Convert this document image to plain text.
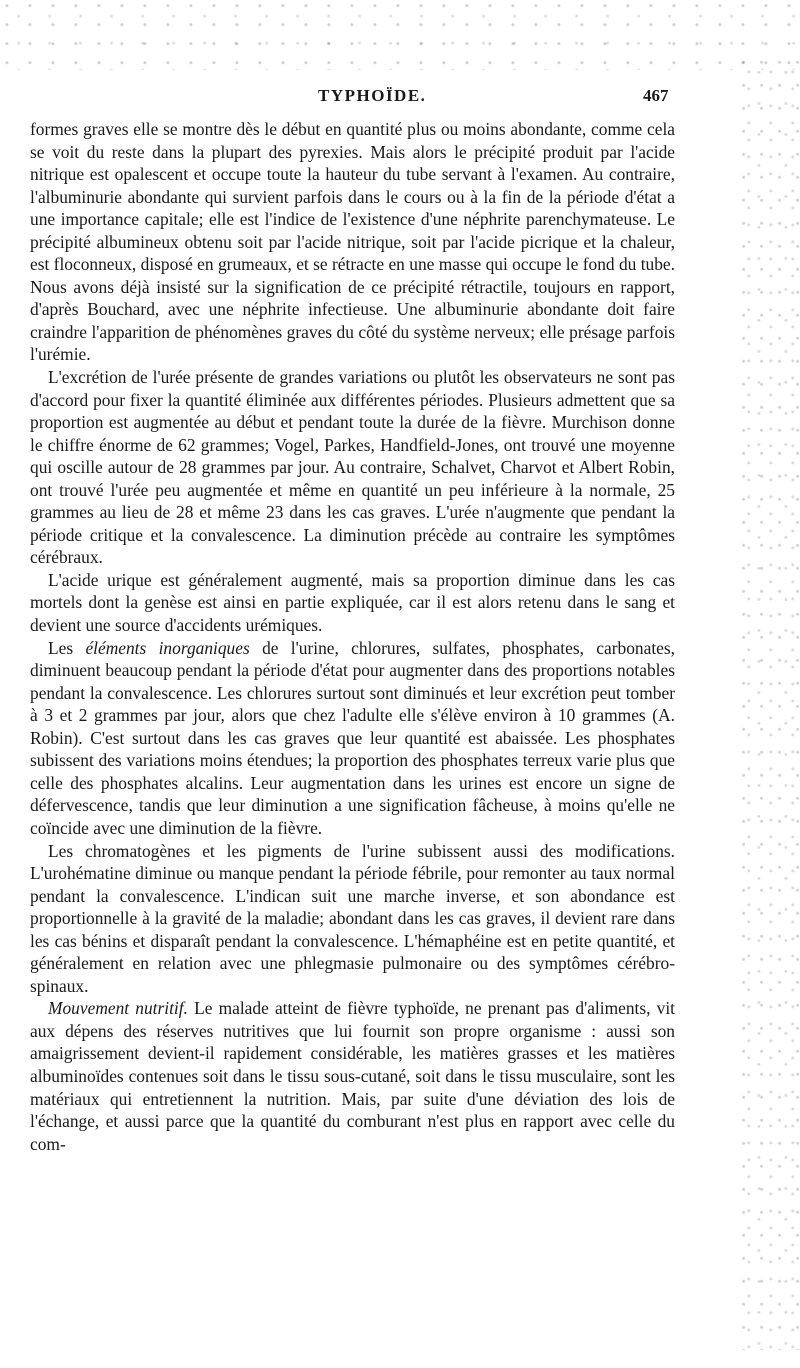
TYPHOÏDE.	467

formes graves elle se montre dès le début en quantité plus ou moins abondante, comme cela se voit du reste dans la plupart des pyrexies. Mais alors le précipité produit par l'acide nitrique est opalescent et occupe toute la hauteur du tube servant à l'examen. Au contraire, l'albuminurie abondante qui survient parfois dans le cours ou à la fin de la période d'état a une importance capitale; elle est l'indice de l'existence d'une néphrite parenchymateuse. Le précipité albumineux obtenu soit par l'acide nitrique, soit par l'acide picrique et la chaleur, est floconneux, disposé en grumeaux, et se rétracte en une masse qui occupe le fond du tube. Nous avons déjà insisté sur la signification de ce précipité rétractile, toujours en rapport, d'après Bouchard, avec une néphrite infectieuse. Une albuminurie abondante doit faire craindre l'apparition de phénomènes graves du côté du système nerveux; elle présage parfois l'urémie.

L'excrétion de l'urée présente de grandes variations ou plutôt les observateurs ne sont pas d'accord pour fixer la quantité éliminée aux différentes périodes. Plusieurs admettent que sa proportion est augmentée au début et pendant toute la durée de la fièvre. Murchison donne le chiffre énorme de 62 grammes; Vogel, Parkes, Handfield-Jones, ont trouvé une moyenne qui oscille autour de 28 grammes par jour. Au contraire, Schalvet, Charvot et Albert Robin, ont trouvé l'urée peu augmentée et même en quantité un peu inférieure à la normale, 25 grammes au lieu de 28 et même 23 dans les cas graves. L'urée n'augmente que pendant la période critique et la convalescence. La diminution précède au contraire les symptômes cérébraux.

L'acide urique est généralement augmenté, mais sa proportion diminue dans les cas mortels dont la genèse est ainsi en partie expliquée, car il est alors retenu dans le sang et devient une source d'accidents urémiques.

Les éléments inorganiques de l'urine, chlorures, sulfates, phosphates, carbonates, diminuent beaucoup pendant la période d'état pour augmenter dans des proportions notables pendant la convalescence. Les chlorures surtout sont diminués et leur excrétion peut tomber à 3 et 2 grammes par jour, alors que chez l'adulte elle s'élève environ à 10 grammes (A. Robin). C'est surtout dans les cas graves que leur quantité est abaissée. Les phosphates subissent des variations moins étendues; la proportion des phosphates terreux varie plus que celle des phosphates alcalins. Leur augmentation dans les urines est encore un signe de défervescence, tandis que leur diminution a une signification fâcheuse, à moins qu'elle ne coïncide avec une diminution de la fièvre.

Les chromatogènes et les pigments de l'urine subissent aussi des modifications. L'urohématine diminue ou manque pendant la période fébrile, pour remonter au taux normal pendant la convalescence. L'indican suit une marche inverse, et son abondance est proportionnelle à la gravité de la maladie; abondant dans les cas graves, il devient rare dans les cas bénins et disparaît pendant la convalescence. L'hémaphéine est en petite quantité, et généralement en relation avec une phlegmasie pulmonaire ou des symptômes cérébro-spinaux.

Mouvement nutritif. Le malade atteint de fièvre typhoïde, ne prenant pas d'aliments, vit aux dépens des réserves nutritives que lui fournit son propre organisme : aussi son amaigrissement devient-il rapidement considérable, les matières grasses et les matières albuminoïdes contenues soit dans le tissu sous-cutané, soit dans le tissu musculaire, sont les matériaux qui entretiennent la nutrition. Mais, par suite d'une déviation des lois de l'échange, et aussi parce que la quantité du comburant n'est plus en rapport avec celle du com-
